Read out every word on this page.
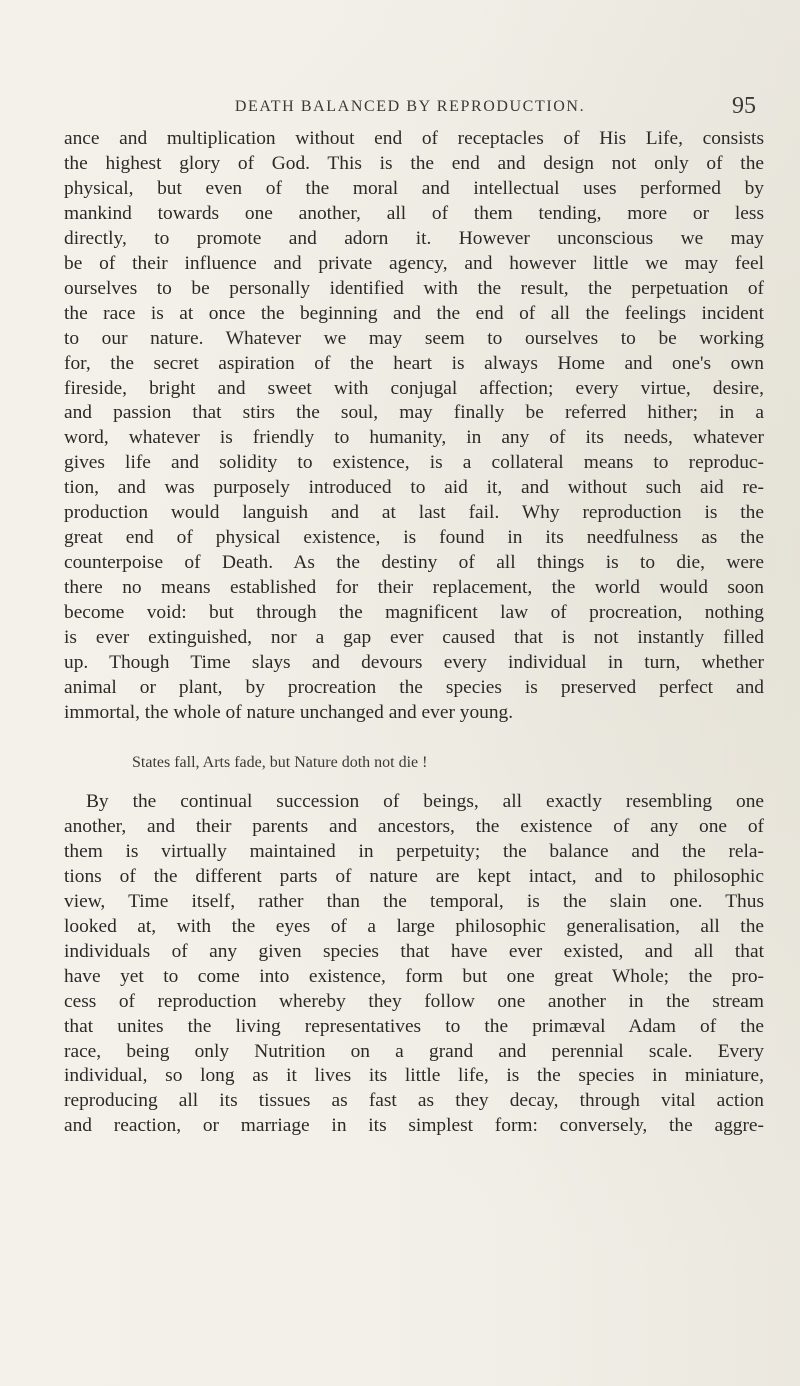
DEATH BALANCED BY REPRODUCTION.	95

ance and multiplication without end of receptacles of His Life, consists
the highest glory of God. This is the end and design not only of the
physical, but even of the moral and intellectual uses performed by
mankind towards one another, all of them tending, more or less
directly, to promote and adorn it. However unconscious we may
be of their influence and private agency, and however little we may feel
ourselves to be personally identified with the result, the perpetuation of
the race is at once the beginning and the end of all the feelings incident
to our nature. Whatever we may seem to ourselves to be working
for, the secret aspiration of the heart is always Home and one's own
fireside, bright and sweet with conjugal affection; every virtue, desire,
and passion that stirs the soul, may finally be referred hither; in a
word, whatever is friendly to humanity, in any of its needs, whatever
gives life and solidity to existence, is a collateral means to reproduc-
tion, and was purposely introduced to aid it, and without such aid re-
production would languish and at last fail. Why reproduction is the
great end of physical existence, is found in its needfulness as the
counterpoise of Death. As the destiny of all things is to die, were
there no means established for their replacement, the world would soon
become void: but through the magnificent law of procreation, nothing
is ever extinguished, nor a gap ever caused that is not instantly filled
up. Though Time slays and devours every individual in turn, whether
animal or plant, by procreation the species is preserved perfect and
immortal, the whole of nature unchanged and ever young.

States fall, Arts fade, but Nature doth not die !

By the continual succession of beings, all exactly resembling one
another, and their parents and ancestors, the existence of any one of
them is virtually maintained in perpetuity; the balance and the rela-
tions of the different parts of nature are kept intact, and to philosophic
view, Time itself, rather than the temporal, is the slain one. Thus
looked at, with the eyes of a large philosophic generalisation, all the
individuals of any given species that have ever existed, and all that
have yet to come into existence, form but one great Whole; the pro-
cess of reproduction whereby they follow one another in the stream
that unites the living representatives to the primæval Adam of the
race, being only Nutrition on a grand and perennial scale. Every
individual, so long as it lives its little life, is the species in miniature,
reproducing all its tissues as fast as they decay, through vital action
and reaction, or marriage in its simplest form: conversely, the aggre-
